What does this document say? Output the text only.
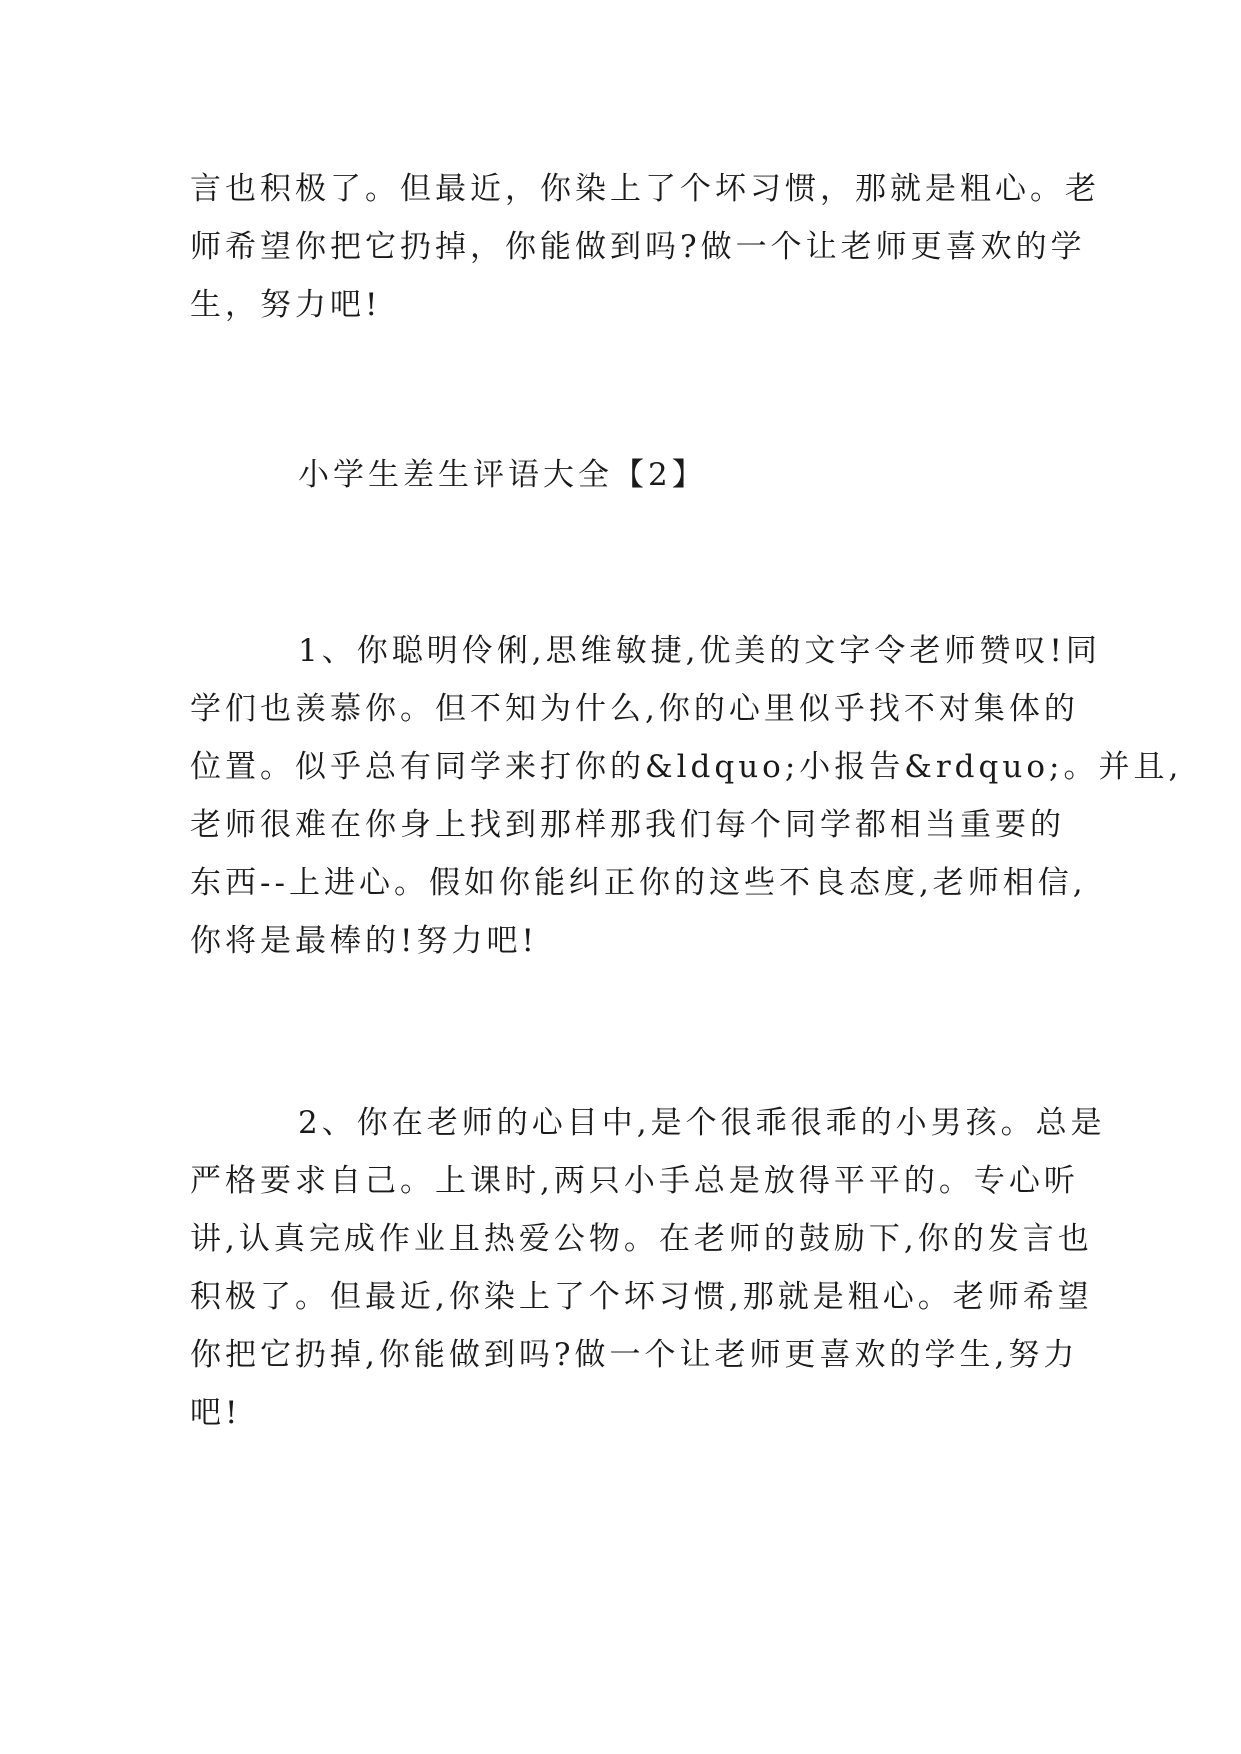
言也积极了。但最近，你染上了个坏习惯，那就是粗心。老
师希望你把它扔掉，你能做到吗?做一个让老师更喜欢的学
生，努力吧!
小学生差生评语大全【2】
1、你聪明伶俐,思维敏捷,优美的文字令老师赞叹!同
学们也羡慕你。但不知为什么,你的心里似乎找不对集体的
位置。似乎总有同学来打你的&ldquo;小报告&rdquo;。并且,
老师很难在你身上找到那样那我们每个同学都相当重要的
东西--上进心。假如你能纠正你的这些不良态度,老师相信,
你将是最棒的!努力吧!
2、你在老师的心目中,是个很乖很乖的小男孩。总是
严格要求自己。上课时,两只小手总是放得平平的。专心听
讲,认真完成作业且热爱公物。在老师的鼓励下,你的发言也
积极了。但最近,你染上了个坏习惯,那就是粗心。老师希望
你把它扔掉,你能做到吗?做一个让老师更喜欢的学生,努力
吧!
